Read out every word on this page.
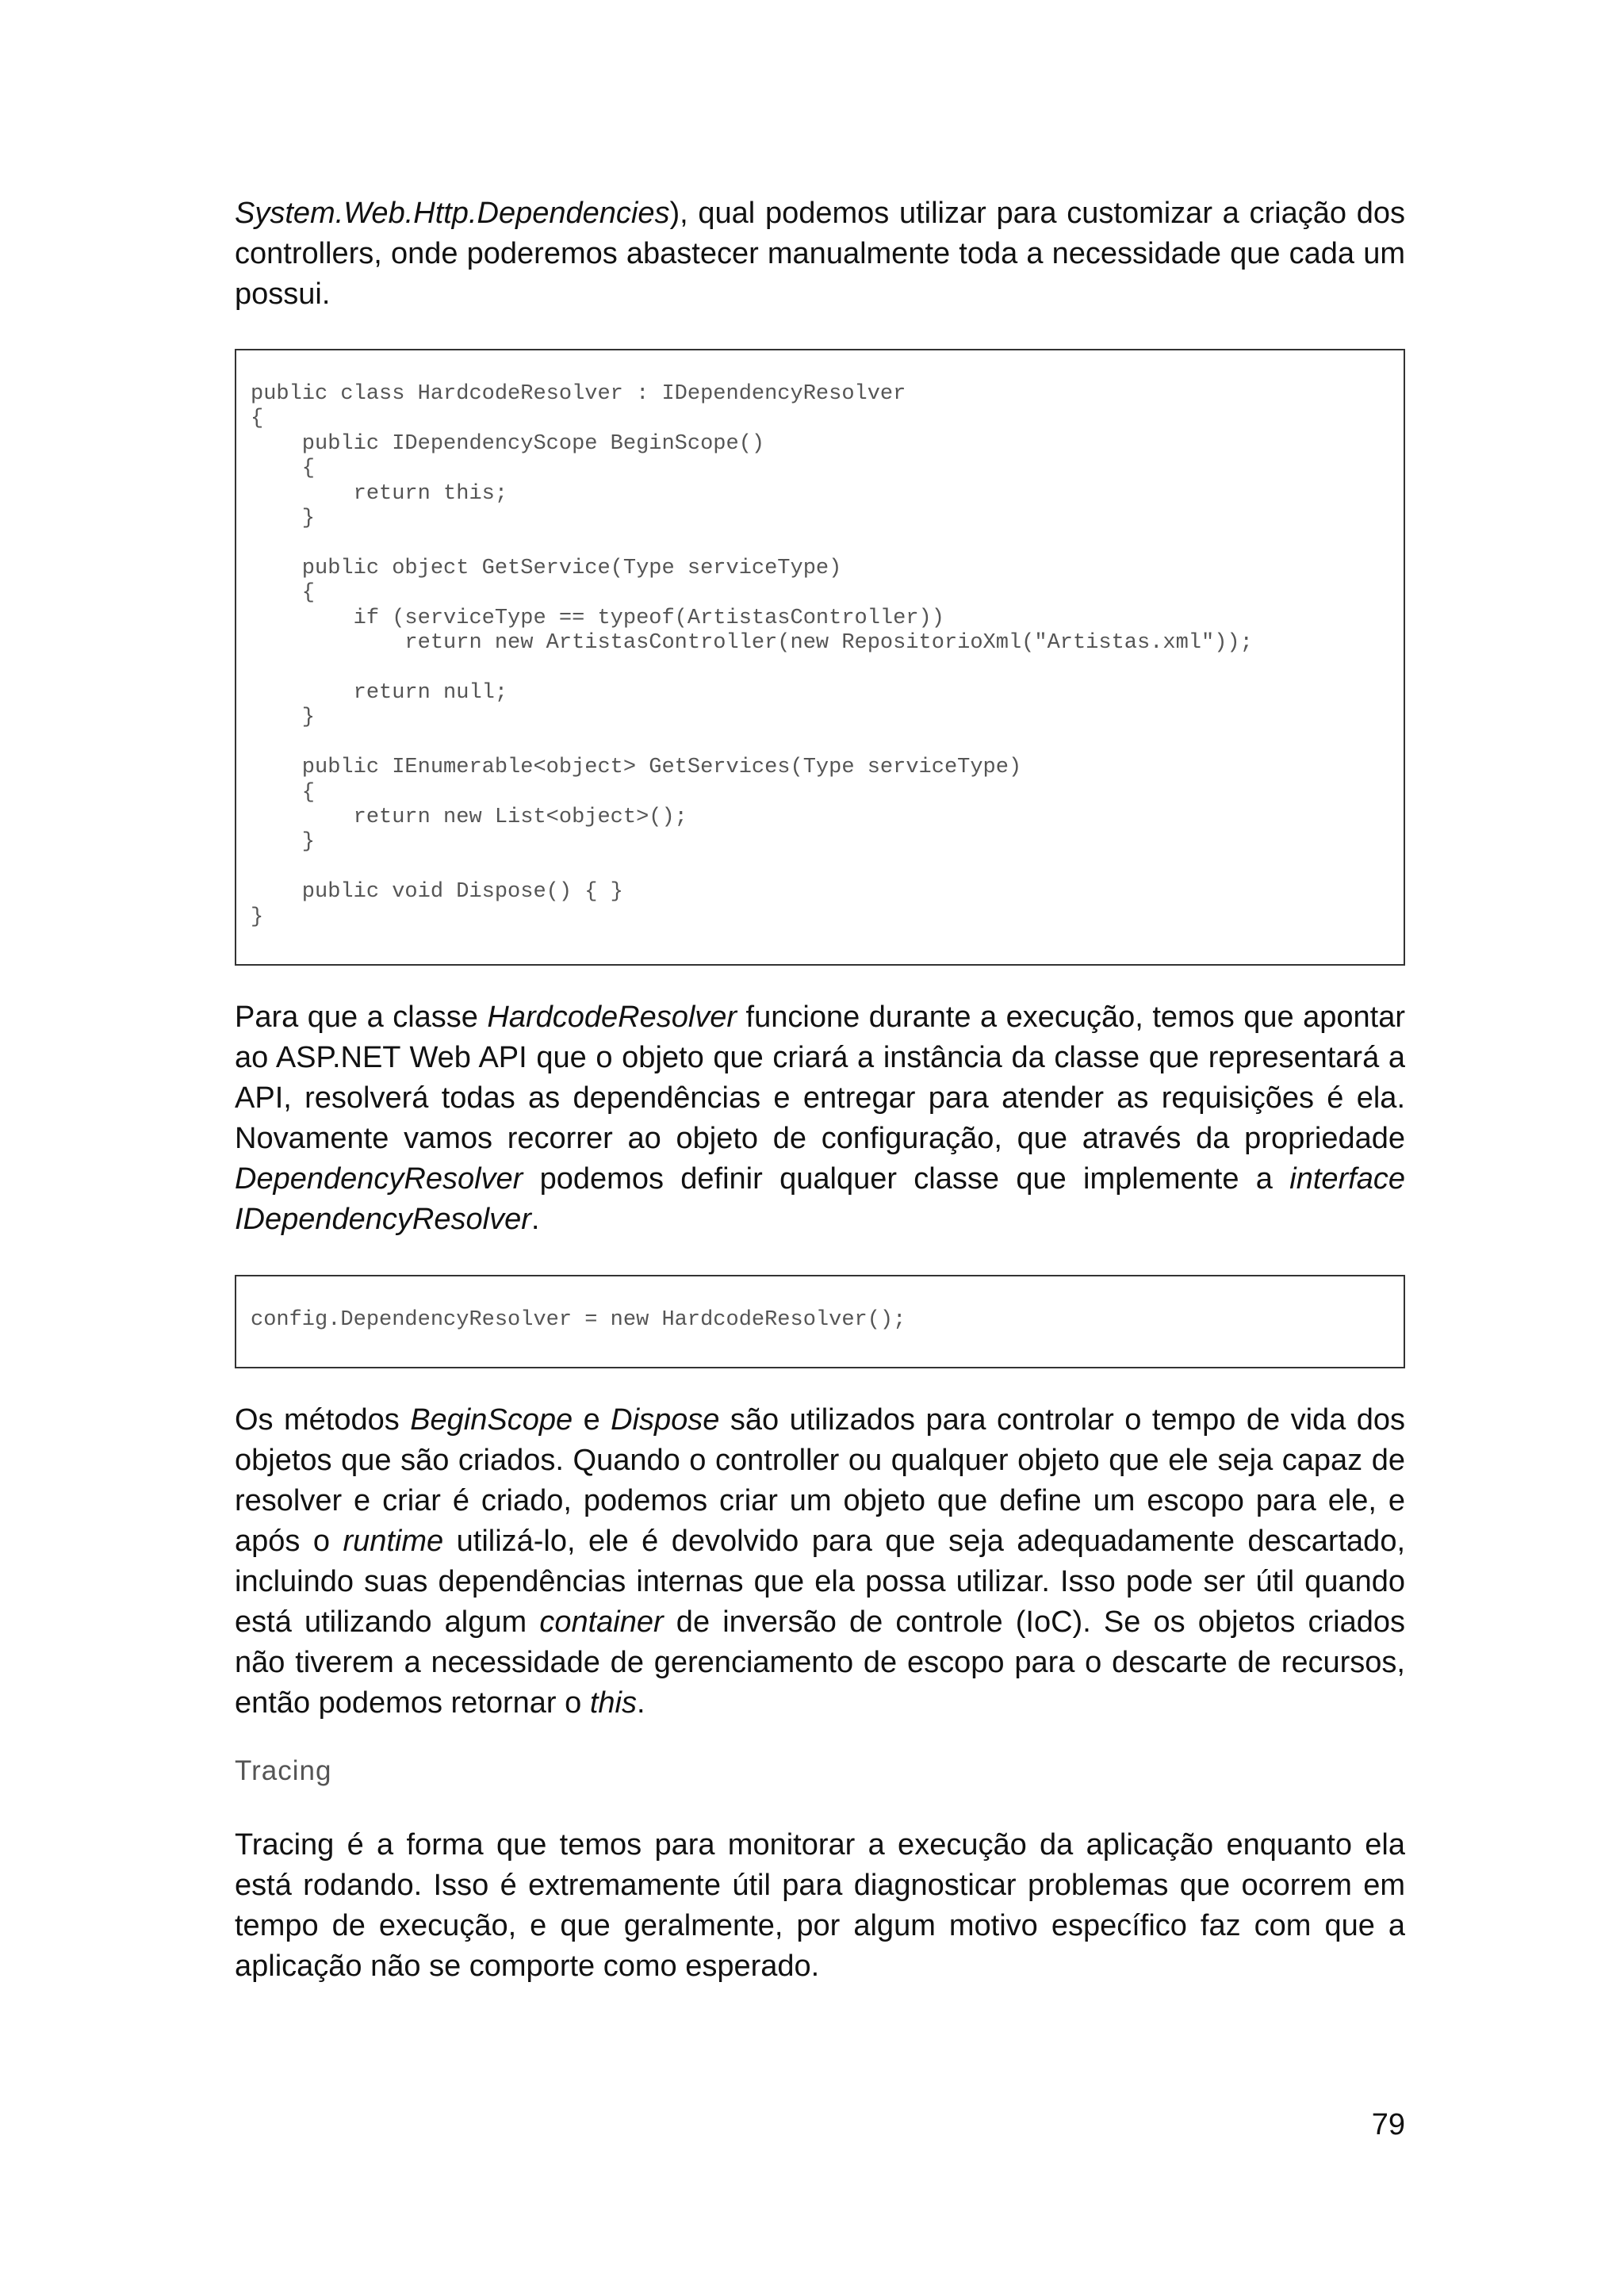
System.Web.Http.Dependencies), qual podemos utilizar para customizar a criação dos controllers, onde poderemos abastecer manualmente toda a necessidade que cada um possui.

public class HardcodeResolver : IDependencyResolver
{
public IDependencyScope BeginScope()
{
return this;
}

public object GetService(Type serviceType)
{
if (serviceType == typeof(ArtistasController))
return new ArtistasController(new RepositorioXml("Artistas.xml"));

return null;
}

public IEnumerable<object> GetServices(Type serviceType)
{
return new List<object>();
}

public void Dispose() { }
}

Para que a classe HardcodeResolver funcione durante a execução, temos que apontar ao ASP.NET Web API que o objeto que criará a instância da classe que representará a API, resolverá todas as dependências e entregar para atender as requisições é ela. Novamente vamos recorrer ao objeto de configuração, que através da propriedade DependencyResolver podemos definir qualquer classe que implemente a interface IDependencyResolver.

config.DependencyResolver = new HardcodeResolver();

Os métodos BeginScope e Dispose são utilizados para controlar o tempo de vida dos objetos que são criados. Quando o controller ou qualquer objeto que ele seja capaz de resolver e criar é criado, podemos criar um objeto que define um escopo para ele, e após o runtime utilizá-lo, ele é devolvido para que seja adequadamente descartado, incluindo suas dependências internas que ela possa utilizar. Isso pode ser útil quando está utilizando algum container de inversão de controle (IoC). Se os objetos criados não tiverem a necessidade de gerenciamento de escopo para o descarte de recursos, então podemos retornar o this.

Tracing

Tracing é a forma que temos para monitorar a execução da aplicação enquanto ela está rodando. Isso é extremamente útil para diagnosticar problemas que ocorrem em tempo de execução, e que geralmente, por algum motivo específico faz com que a aplicação não se comporte como esperado.

79
